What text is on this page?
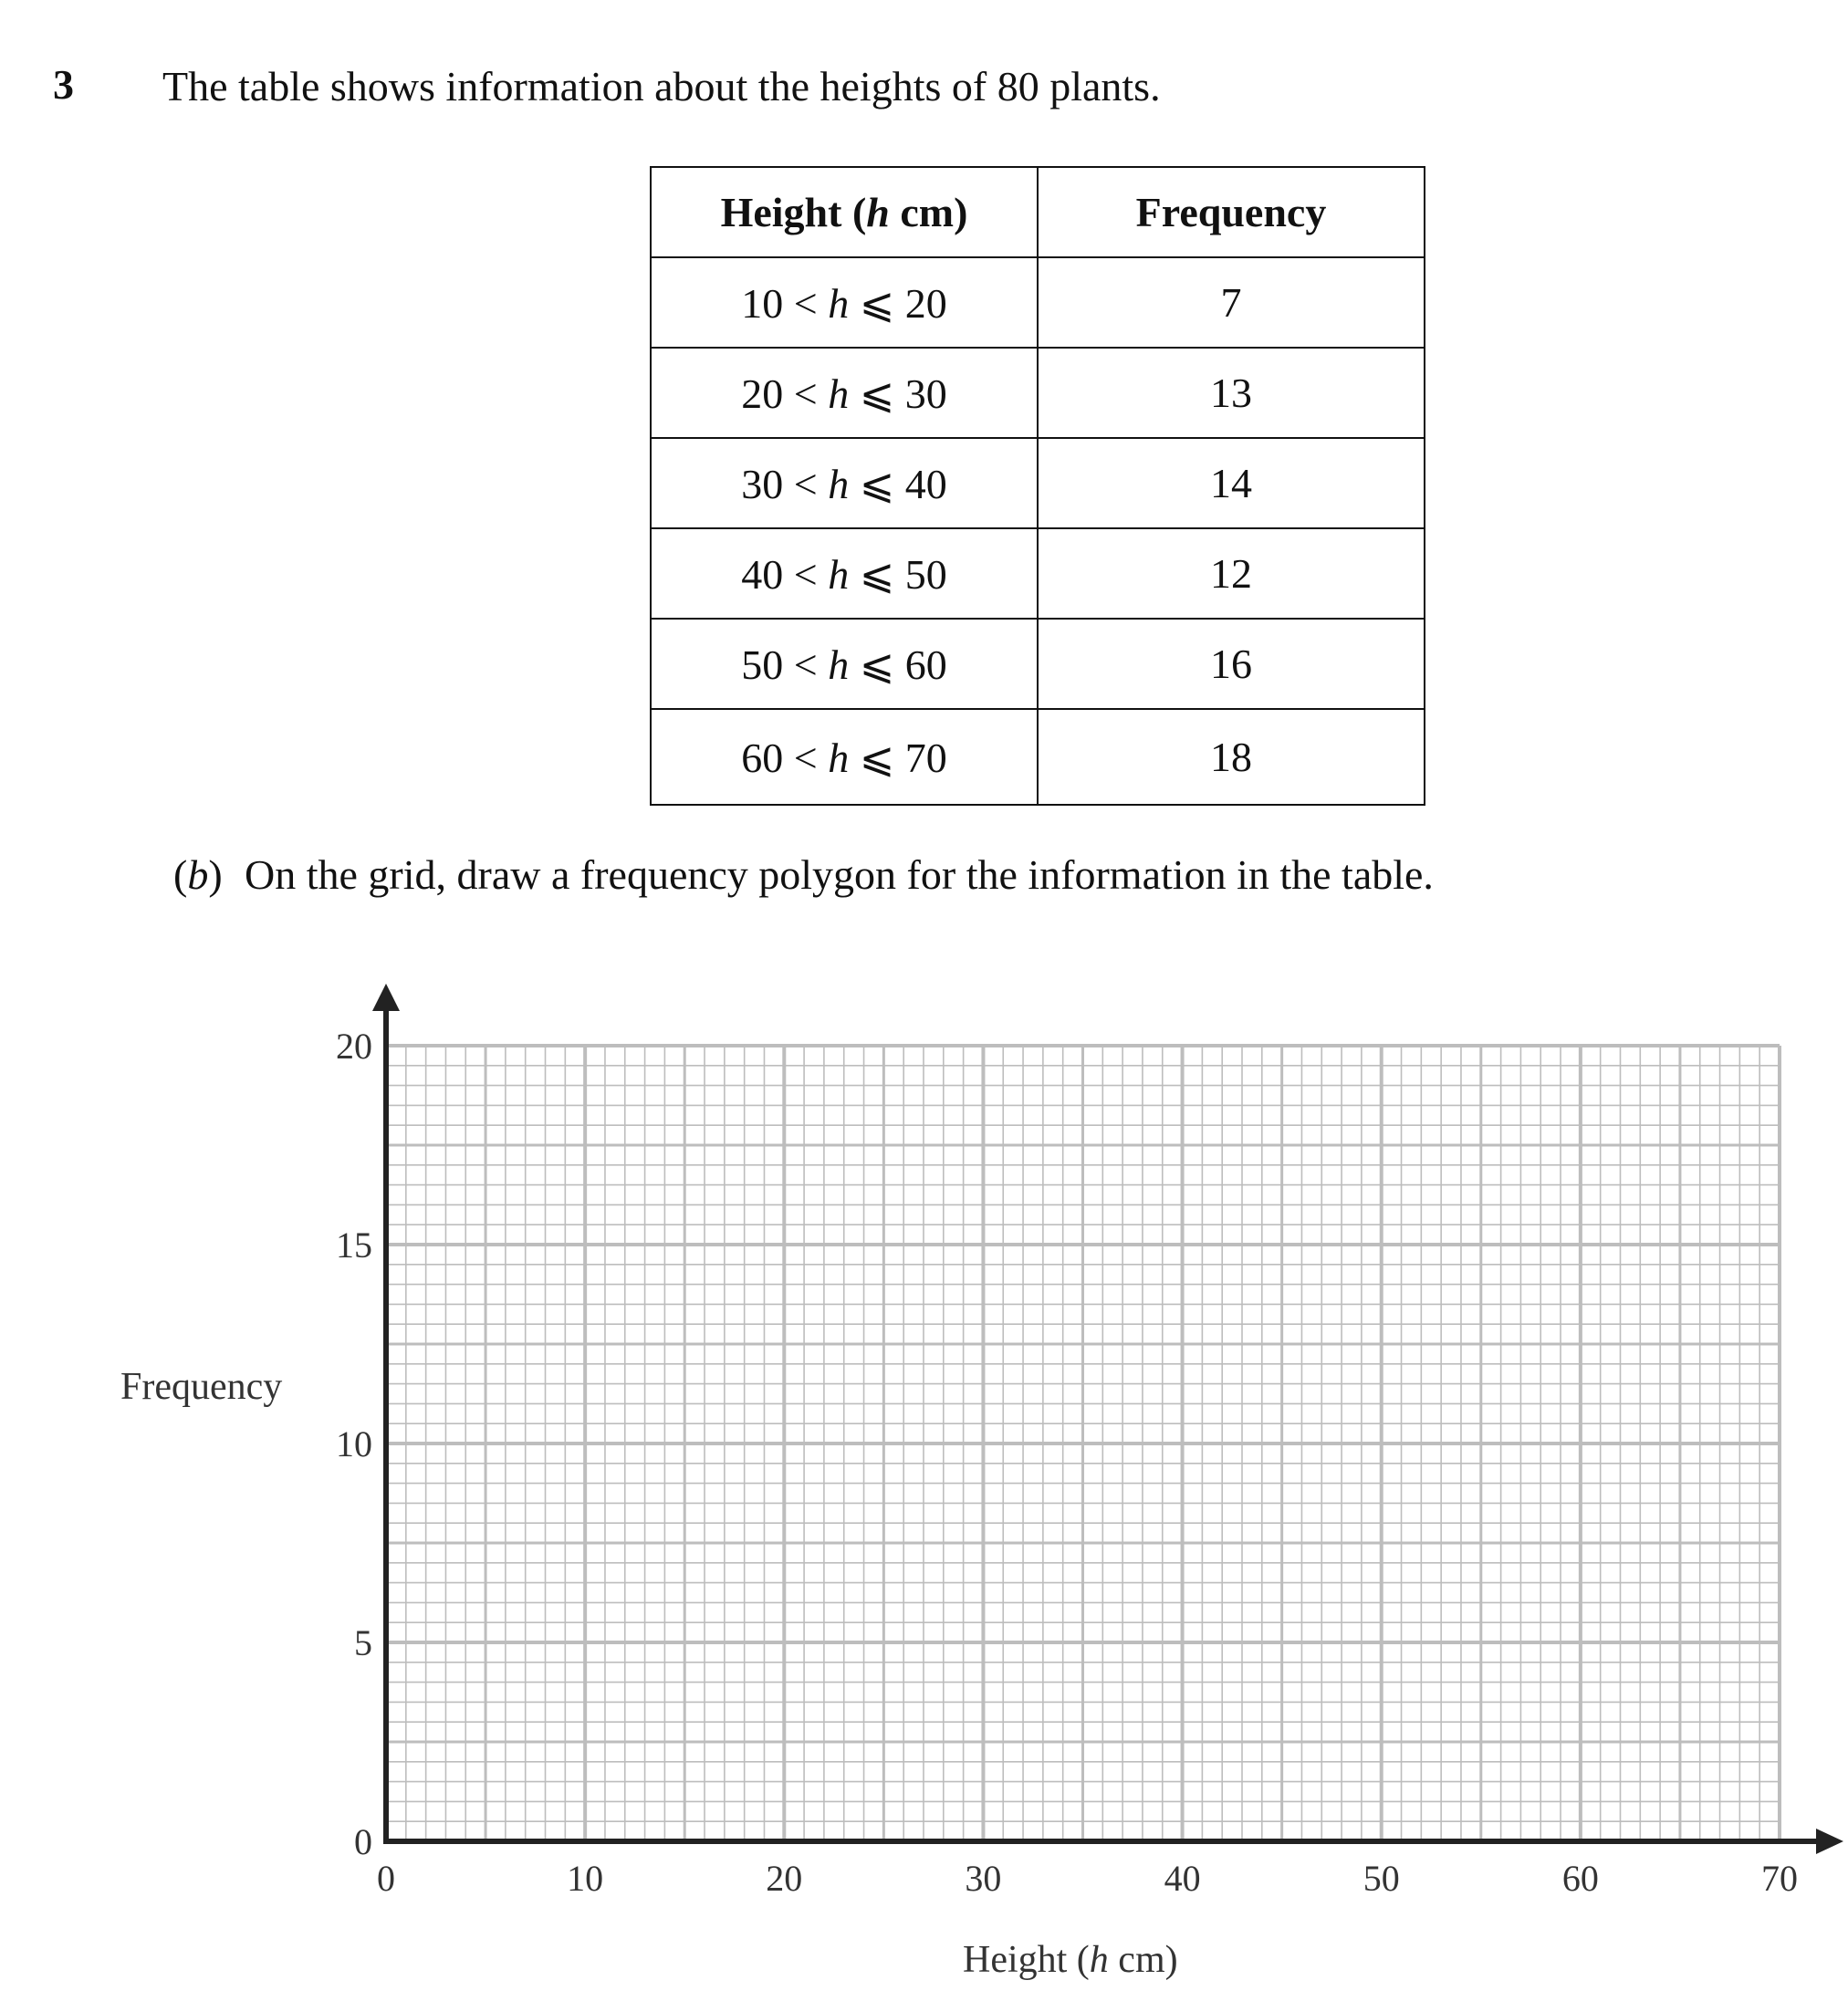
3 The table shows information about the heights of 80 plants.
Height (h cm)	Frequency
10 < h ⩽ 20	7
20 < h ⩽ 30	13
30 < h ⩽ 40	14
40 < h ⩽ 50	12
50 < h ⩽ 60	16
60 < h ⩽ 70	18
(b) On the grid, draw a frequency polygon for the information in the table.
Frequency
Height (h cm)
0	10	20	30	40	50	60	70
0
5
10
15
20
